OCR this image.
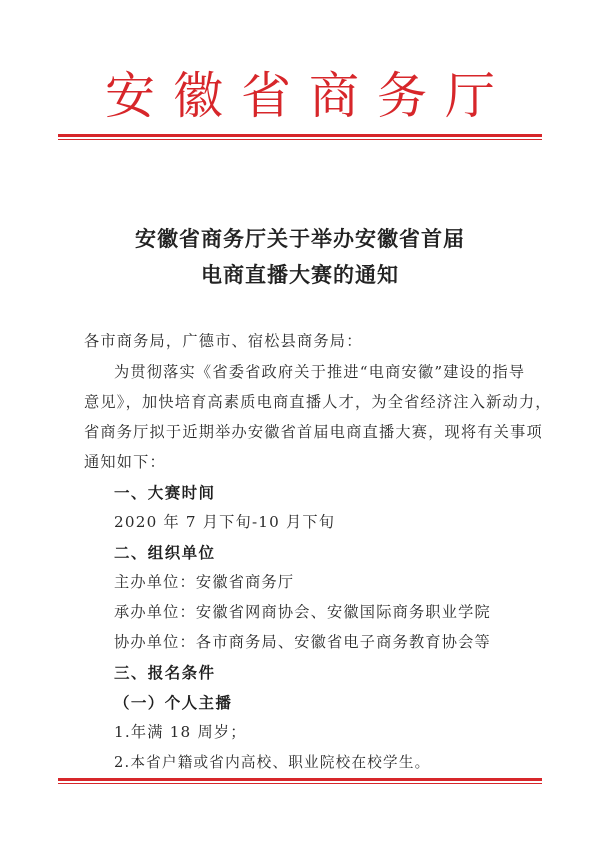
安徽省商务厅
安徽省商务厅关于举办安徽省首届
电商直播大赛的通知
各市商务局，广德市、宿松县商务局：
为贯彻落实《省委省政府关于推进“电商安徽”建设的指导
意见》，加快培育高素质电商直播人才，为全省经济注入新动力，
省商务厅拟于近期举办安徽省首届电商直播大赛，现将有关事项
通知如下：
一、大赛时间
2020 年 7 月下旬-10 月下旬
二、组织单位
主办单位：安徽省商务厅
承办单位：安徽省网商协会、安徽国际商务职业学院
协办单位：各市商务局、安徽省电子商务教育协会等
三、报名条件
（一）个人主播
1.年满 18 周岁；
2.本省户籍或省内高校、职业院校在校学生。
